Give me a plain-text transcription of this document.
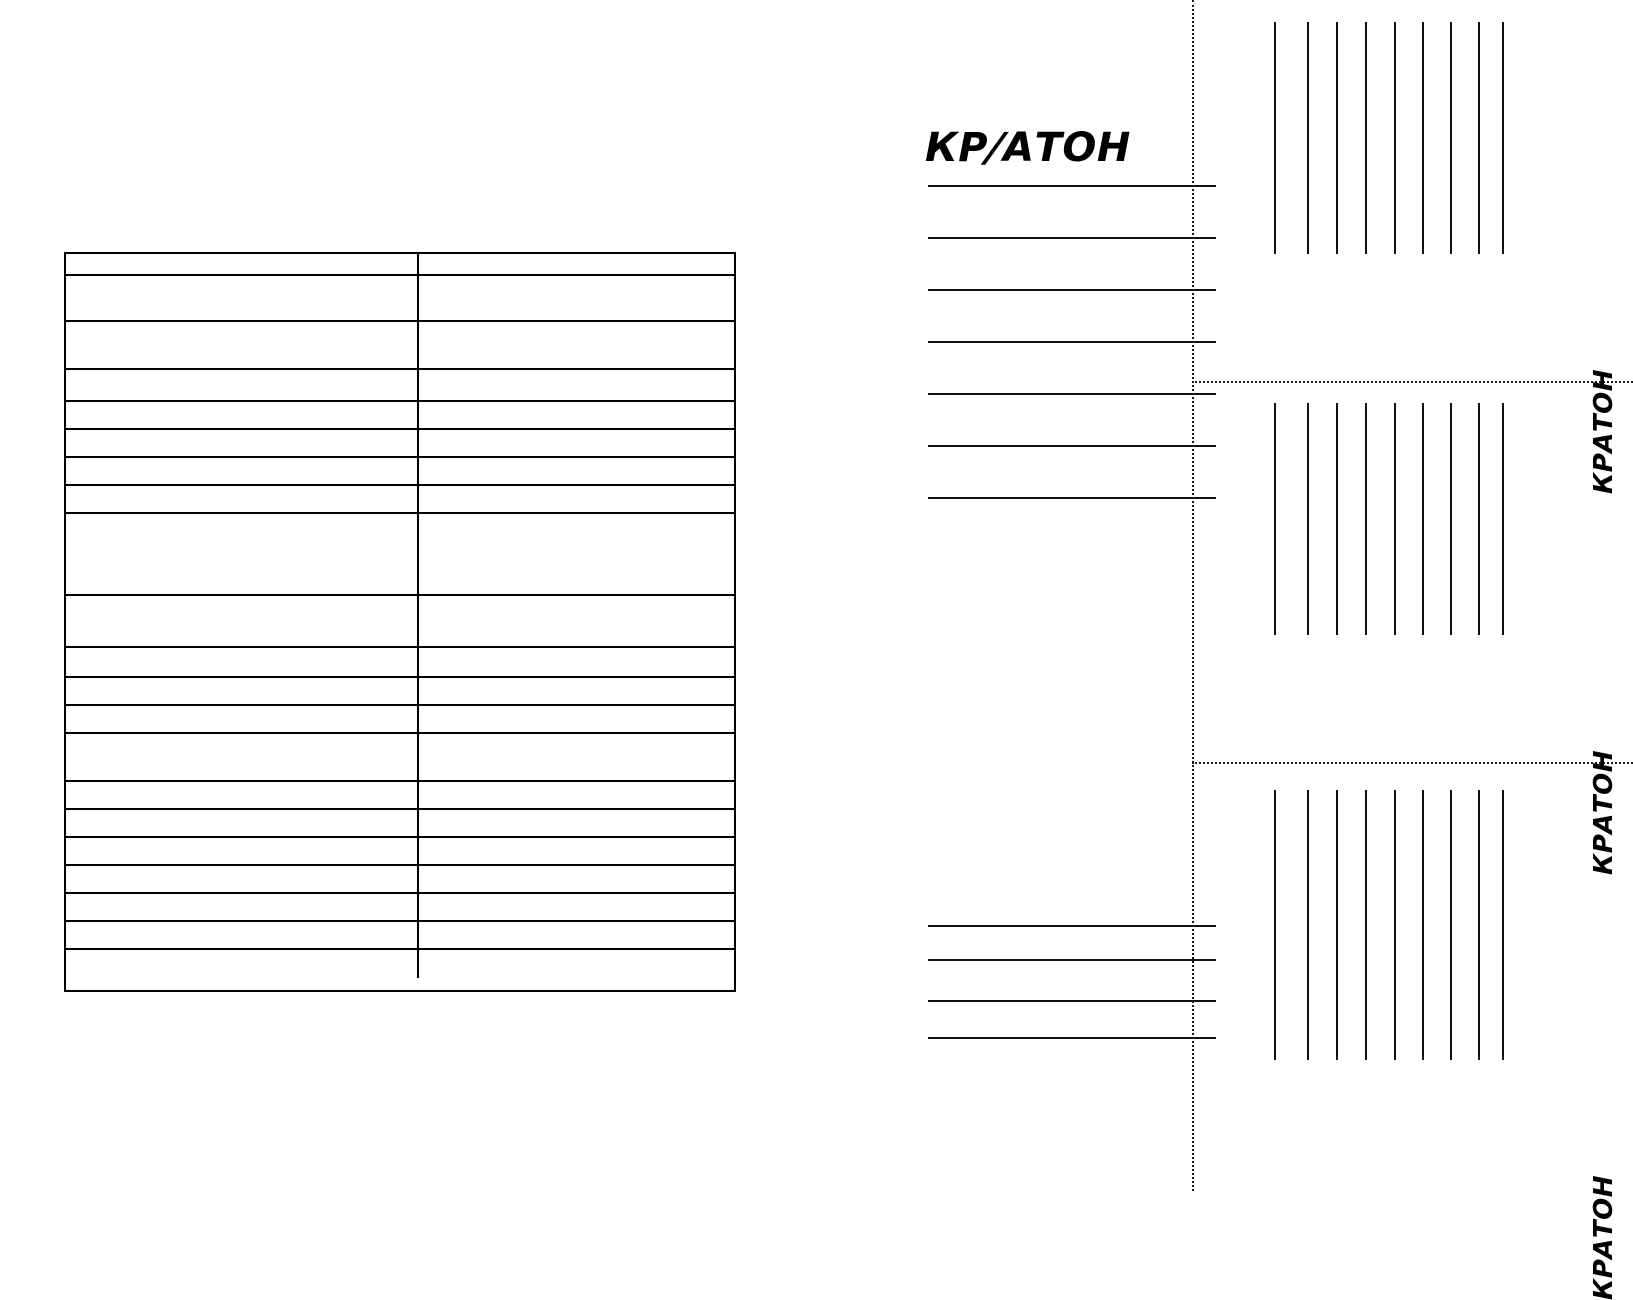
КР/АТОН
КРАТОН
КРАТОН
КРАТОН
